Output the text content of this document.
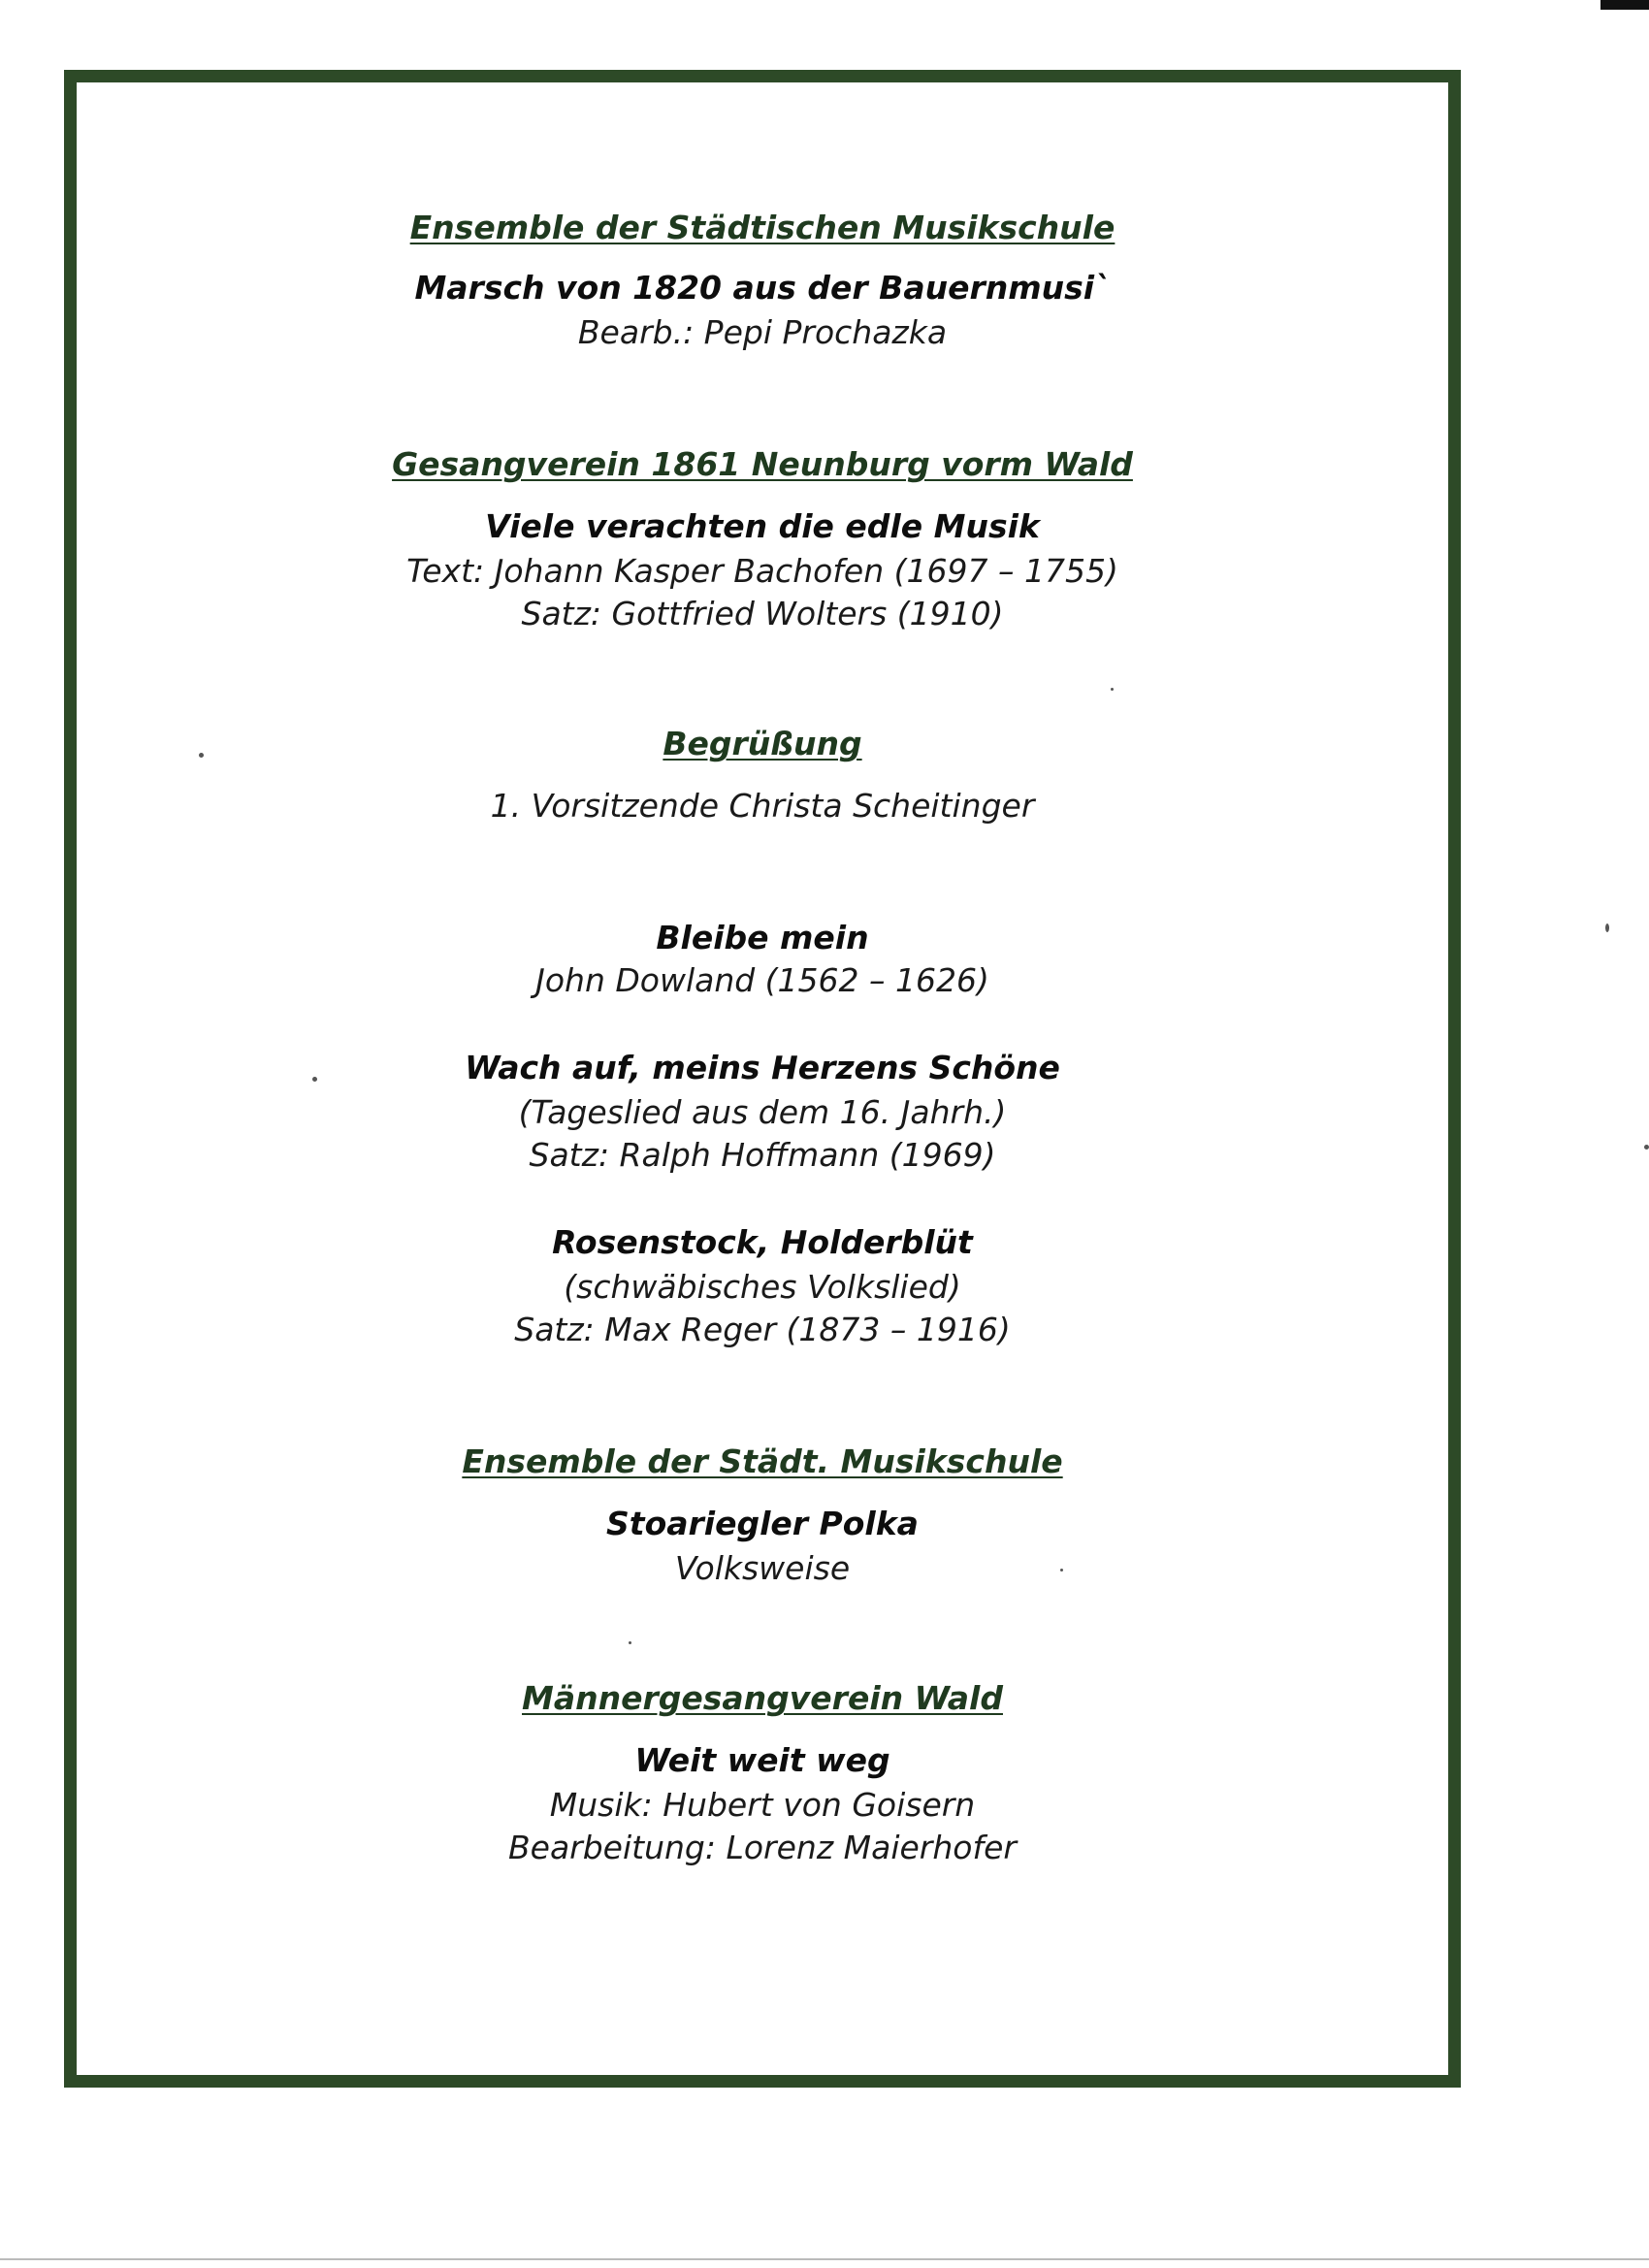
Ensemble der Städtischen Musikschule
Marsch von 1820 aus der Bauernmusi`
Bearb.: Pepi Prochazka
Gesangverein 1861 Neunburg vorm Wald
Viele verachten die edle Musik
Text: Johann Kasper Bachofen (1697 – 1755)
Satz: Gottfried Wolters (1910)
Begrüßung
1. Vorsitzende Christa Scheitinger
Bleibe mein
John Dowland (1562 – 1626)
Wach auf, meins Herzens Schöne
(Tageslied aus dem 16. Jahrh.)
Satz: Ralph Hoffmann (1969)
Rosenstock, Holderblüt
(schwäbisches Volkslied)
Satz: Max Reger (1873 – 1916)
Ensemble der Städt. Musikschule
Stoariegler Polka
Volksweise
Männergesangverein Wald
Weit weit weg
Musik: Hubert von Goisern
Bearbeitung: Lorenz Maierhofer
